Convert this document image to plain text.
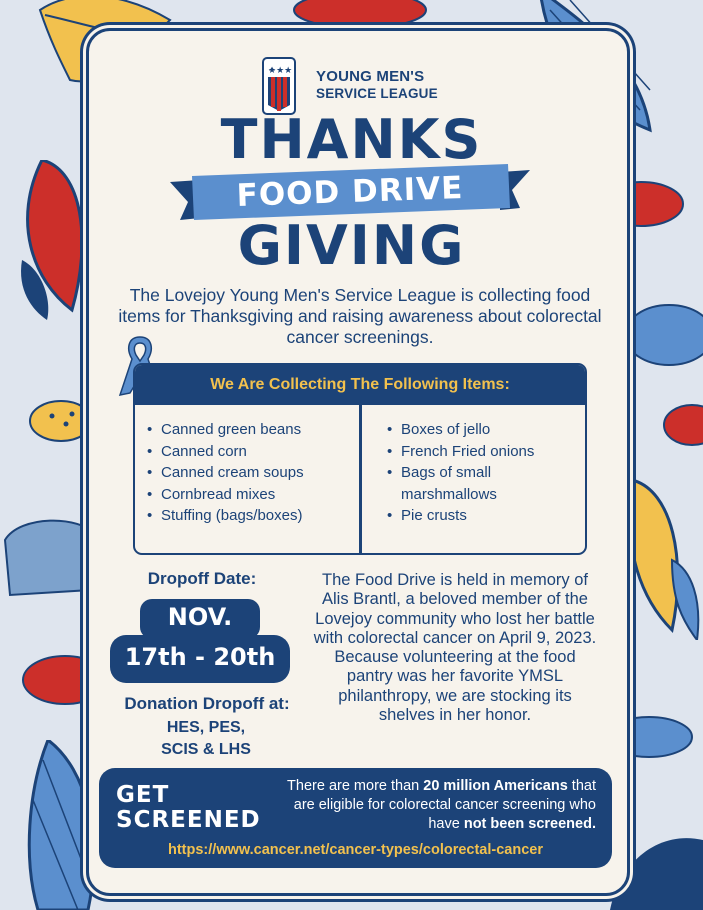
★★★ YOUNG MEN'S
SERVICE LEAGUE
THANKS
FOOD DRIVE
GIVING
The Lovejoy Young Men's Service League is collecting food items for Thanksgiving and raising awareness about colorectal cancer screenings.
We Are Collecting The Following Items:
• Canned green beans
• Canned corn
• Canned cream soups
• Cornbread mixes
• Stuffing (bags/boxes)
• Boxes of jello
• French Fried onions
• Bags of small marshmallows
• Pie crusts
Dropoff Date:
NOV.
17th - 20th
Donation Dropoff at:
HES, PES,
SCIS & LHS
The Food Drive is held in memory of Alis Brantl, a beloved member of the Lovejoy community who lost her battle with colorectal cancer on April 9, 2023. Because volunteering at the food pantry was her favorite YMSL philanthropy, we are stocking its shelves in her honor.
GET
SCREENED
There are more than 20 million Americans that are eligible for colorectal cancer screening who have not been screened.
https://www.cancer.net/cancer-types/colorectal-cancer
